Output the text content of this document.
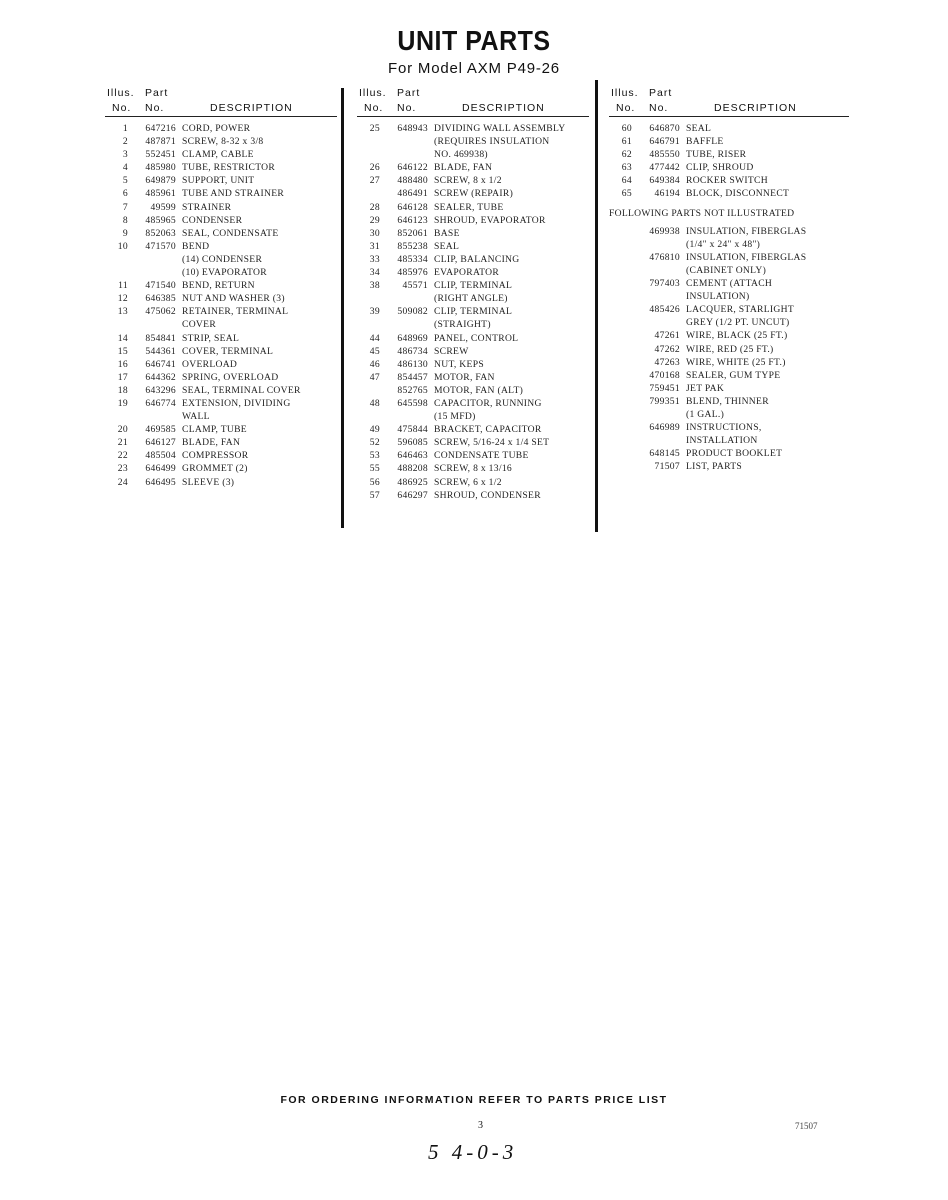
UNIT PARTS
For Model AXM P49-26
Illus. Part
No. No.	DESCRIPTION
1	647216 CORD, POWER
2	487871 SCREW, 8-32 x 3/8
3	552451 CLAMP, CABLE
4	485980 TUBE, RESTRICTOR
5	649879 SUPPORT, UNIT
6	485961 TUBE AND STRAINER
7	49599 STRAINER
8	485965 CONDENSER
9	852063 SEAL, CONDENSATE
10	471570 BEND
(14) CONDENSER
(10) EVAPORATOR
11	471540 BEND, RETURN
12	646385 NUT AND WASHER (3)
13	475062 RETAINER, TERMINAL
COVER
14	854841 STRIP, SEAL
15	544361 COVER, TERMINAL
16	646741 OVERLOAD
17	644362 SPRING, OVERLOAD
18	643296 SEAL, TERMINAL COVER
19	646774 EXTENSION, DIVIDING
WALL
20	469585 CLAMP, TUBE
21	646127 BLADE, FAN
22	485504 COMPRESSOR
23	646499 GROMMET (2)
24	646495 SLEEVE (3)
Illus. Part
No. No.	DESCRIPTION
25	648943 DIVIDING WALL ASSEMBLY
(REQUIRES INSULATION
NO. 469938)
26	646122 BLADE, FAN
27	488480 SCREW, 8 x 1/2
486491 SCREW (REPAIR)
28	646128 SEALER, TUBE
29	646123 SHROUD, EVAPORATOR
30	852061 BASE
31	855238 SEAL
33	485334 CLIP, BALANCING
34	485976 EVAPORATOR
38	45571 CLIP, TERMINAL
(RIGHT ANGLE)
39	509082 CLIP, TERMINAL
(STRAIGHT)
44	648969 PANEL, CONTROL
45	486734 SCREW
46	486130 NUT, KEPS
47	854457 MOTOR, FAN
852765 MOTOR, FAN (ALT)
48	645598 CAPACITOR, RUNNING
(15 MFD)
49	475844 BRACKET, CAPACITOR
52	596085 SCREW, 5/16-24 x 1/4 SET
53	646463 CONDENSATE TUBE
55	488208 SCREW, 8 x 13/16
56	486925 SCREW, 6 x 1/2
57	646297 SHROUD, CONDENSER
Illus. Part
No. No.	DESCRIPTION
60	646870 SEAL
61	646791 BAFFLE
62	485550 TUBE, RISER
63	477442 CLIP, SHROUD
64	649384 ROCKER SWITCH
65	46194 BLOCK, DISCONNECT
FOLLOWING PARTS NOT ILLUSTRATED
469938 INSULATION, FIBERGLAS
(1/4" x 24" x 48")
476810 INSULATION, FIBERGLAS
(CABINET ONLY)
797403 CEMENT (ATTACH
INSULATION)
485426 LACQUER, STARLIGHT
GREY (1/2 PT. UNCUT)
47261 WIRE, BLACK (25 FT.)
47262 WIRE, RED (25 FT.)
47263 WIRE, WHITE (25 FT.)
470168 SEALER, GUM TYPE
759451 JET PAK
799351 BLEND, THINNER
(1 GAL.)
646989 INSTRUCTIONS,
INSTALLATION
648145 PRODUCT BOOKLET
71507 LIST, PARTS
FOR ORDERING INFORMATION REFER TO PARTS PRICE LIST
3	71507
5 4-0-3
